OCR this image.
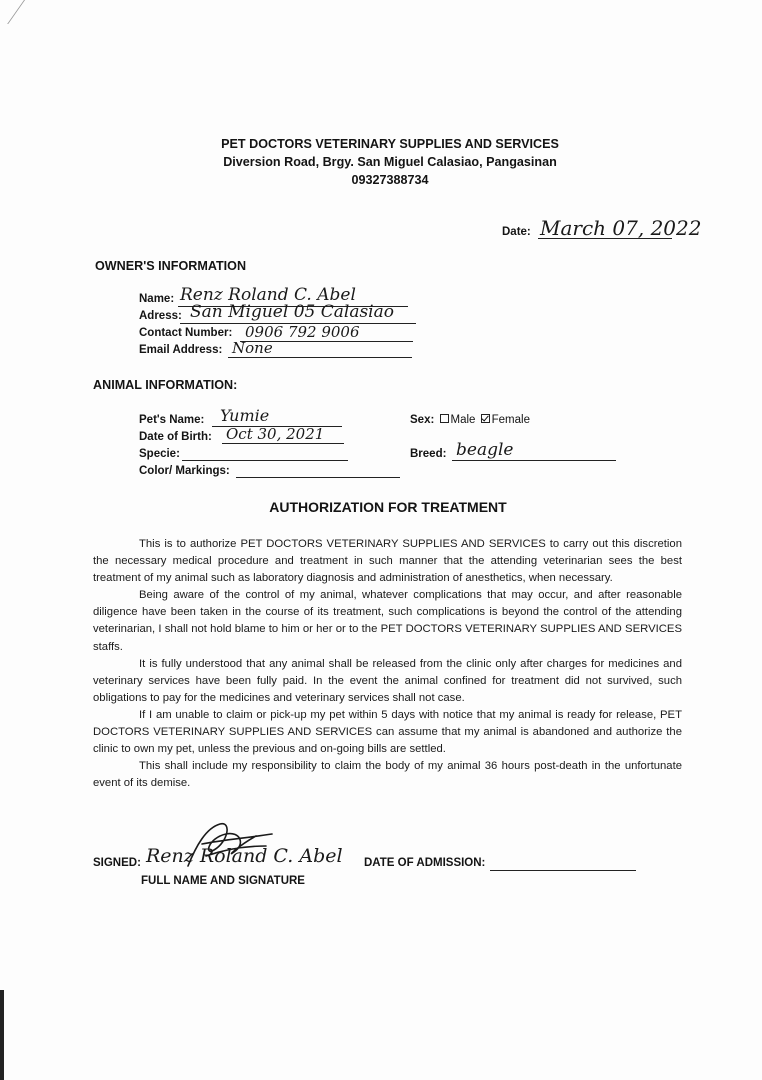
PET DOCTORS VETERINARY SUPPLIES AND SERVICES
Diversion Road, Brgy. San Miguel Calasiao, Pangasinan
09327388734
Date: March 07, 2022
OWNER'S INFORMATION
Name: Renz Roland C. Abel
Adress: San Miguel 05 Calasiao
Contact Number: 0906 792 9006
Email Address: None
ANIMAL INFORMATION:
Pet's Name: Yumie
Date of Birth: Oct 30, 2021
Specie:
Color/ Markings:
Sex: Male Female
Breed: beagle
AUTHORIZATION FOR TREATMENT

This is to authorize PET DOCTORS VETERINARY SUPPLIES AND SERVICES to carry out this discretion the necessary medical procedure and treatment in such manner that the attending veterinarian sees the best treatment of my animal such as laboratory diagnosis and administration of anesthetics, when necessary.

Being aware of the control of my animal, whatever complications that may occur, and after reasonable diligence have been taken in the course of its treatment, such complications is beyond the control of the attending veterinarian, I shall not hold blame to him or her or to the PET DOCTORS VETERINARY SUPPLIES AND SERVICES staffs.

It is fully understood that any animal shall be released from the clinic only after charges for medicines and veterinary services have been fully paid. In the event the animal confined for treatment did not survived, such obligations to pay for the medicines and veterinary services shall not case.

If I am unable to claim or pick-up my pet within 5 days with notice that my animal is ready for release, PET DOCTORS VETERINARY SUPPLIES AND SERVICES can assume that my animal is abandoned and authorize the clinic to own my pet, unless the previous and on-going bills are settled.

This shall include my responsibility to claim the body of my animal 36 hours post-death in the unfortunate event of its demise.

SIGNED: Renz Roland C. Abel
FULL NAME AND SIGNATURE
DATE OF ADMISSION:
